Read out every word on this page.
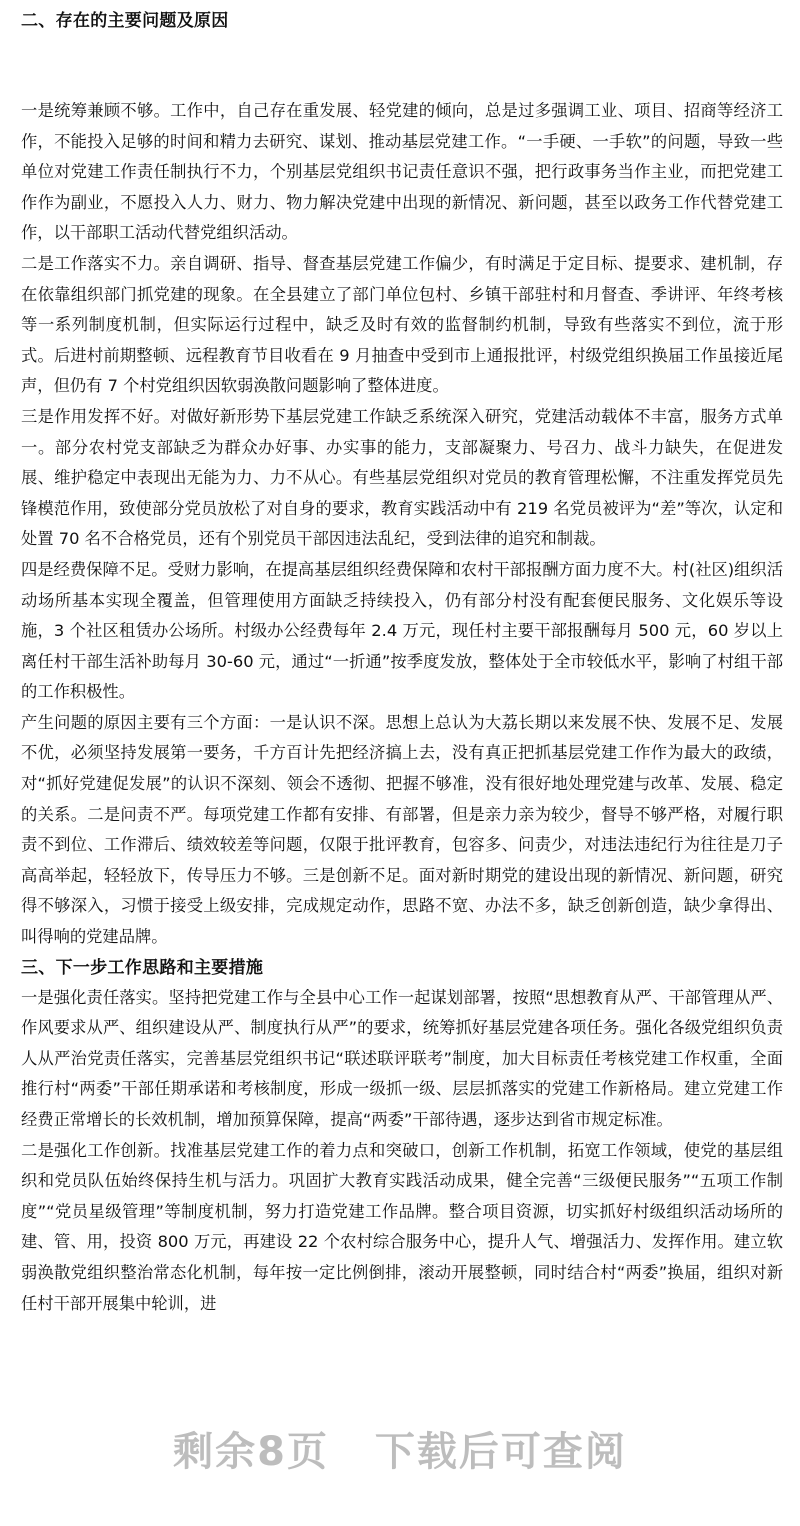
二、存在的主要问题及原因

一是统筹兼顾不够。工作中，自己存在重发展、轻党建的倾向，总是过多强调工业、项目、招商等经济工作，不能投入足够的时间和精力去研究、谋划、推动基层党建工作。“一手硬、一手软”的问题，导致一些单位对党建工作责任制执行不力，个别基层党组织书记责任意识不强，把行政事务当作主业，而把党建工作作为副业，不愿投入人力、财力、物力解决党建中出现的新情况、新问题，甚至以政务工作代替党建工作，以干部职工活动代替党组织活动。

二是工作落实不力。亲自调研、指导、督查基层党建工作偏少，有时满足于定目标、提要求、建机制，存在依靠组织部门抓党建的现象。在全县建立了部门单位包村、乡镇干部驻村和月督查、季讲评、年终考核等一系列制度机制，但实际运行过程中，缺乏及时有效的监督制约机制，导致有些落实不到位，流于形式。后进村前期整顿、远程教育节目收看在 9 月抽查中受到市上通报批评，村级党组织换届工作虽接近尾声，但仍有 7 个村党组织因软弱涣散问题影响了整体进度。

三是作用发挥不好。对做好新形势下基层党建工作缺乏系统深入研究，党建活动载体不丰富，服务方式单一。部分农村党支部缺乏为群众办好事、办实事的能力，支部凝聚力、号召力、战斗力缺失，在促进发展、维护稳定中表现出无能为力、力不从心。有些基层党组织对党员的教育管理松懈，不注重发挥党员先锋模范作用，致使部分党员放松了对自身的要求，教育实践活动中有 219 名党员被评为“差”等次，认定和处置 70 名不合格党员，还有个别党员干部因违法乱纪，受到法律的追究和制裁。

四是经费保障不足。受财力影响，在提高基层组织经费保障和农村干部报酬方面力度不大。村(社区)组织活动场所基本实现全覆盖，但管理使用方面缺乏持续投入，仍有部分村没有配套便民服务、文化娱乐等设施，3 个社区租赁办公场所。村级办公经费每年 2.4 万元，现任村主要干部报酬每月 500 元，60 岁以上离任村干部生活补助每月 30-60 元，通过“一折通”按季度发放，整体处于全市较低水平，影响了村组干部的工作积极性。

产生问题的原因主要有三个方面：一是认识不深。思想上总认为大荔长期以来发展不快、发展不足、发展不优，必须坚持发展第一要务，千方百计先把经济搞上去，没有真正把抓基层党建工作作为最大的政绩，对“抓好党建促发展”的认识不深刻、领会不透彻、把握不够准，没有很好地处理党建与改革、发展、稳定的关系。二是问责不严。每项党建工作都有安排、有部署，但是亲力亲为较少，督导不够严格，对履行职责不到位、工作滞后、绩效较差等问题，仅限于批评教育，包容多、问责少，对违法违纪行为往往是刀子高高举起，轻轻放下，传导压力不够。三是创新不足。面对新时期党的建设出现的新情况、新问题，研究得不够深入，习惯于接受上级安排，完成规定动作，思路不宽、办法不多，缺乏创新创造，缺少拿得出、叫得响的党建品牌。

三、下一步工作思路和主要措施

一是强化责任落实。坚持把党建工作与全县中心工作一起谋划部署，按照“思想教育从严、干部管理从严、作风要求从严、组织建设从严、制度执行从严”的要求，统筹抓好基层党建各项任务。强化各级党组织负责人从严治党责任落实，完善基层党组织书记“联述联评联考”制度，加大目标责任考核党建工作权重，全面推行村“两委”干部任期承诺和考核制度，形成一级抓一级、层层抓落实的党建工作新格局。建立党建工作经费正常增长的长效机制，增加预算保障，提高“两委”干部待遇，逐步达到省市规定标准。

二是强化工作创新。找准基层党建工作的着力点和突破口，创新工作机制，拓宽工作领域，使党的基层组织和党员队伍始终保持生机与活力。巩固扩大教育实践活动成果，健全完善“三级便民服务”“五项工作制度”“党员星级管理”等制度机制，努力打造党建工作品牌。整合项目资源，切实抓好村级组织活动场所的建、管、用，投资 800 万元，再建设 22 个农村综合服务中心，提升人气、增强活力、发挥作用。建立软弱涣散党组织整治常态化机制，每年按一定比例倒排，滚动开展整顿，同时结合村“两委”换届，组织对新任村干部开展集中轮训，进

剩余8页 下载后可查阅
